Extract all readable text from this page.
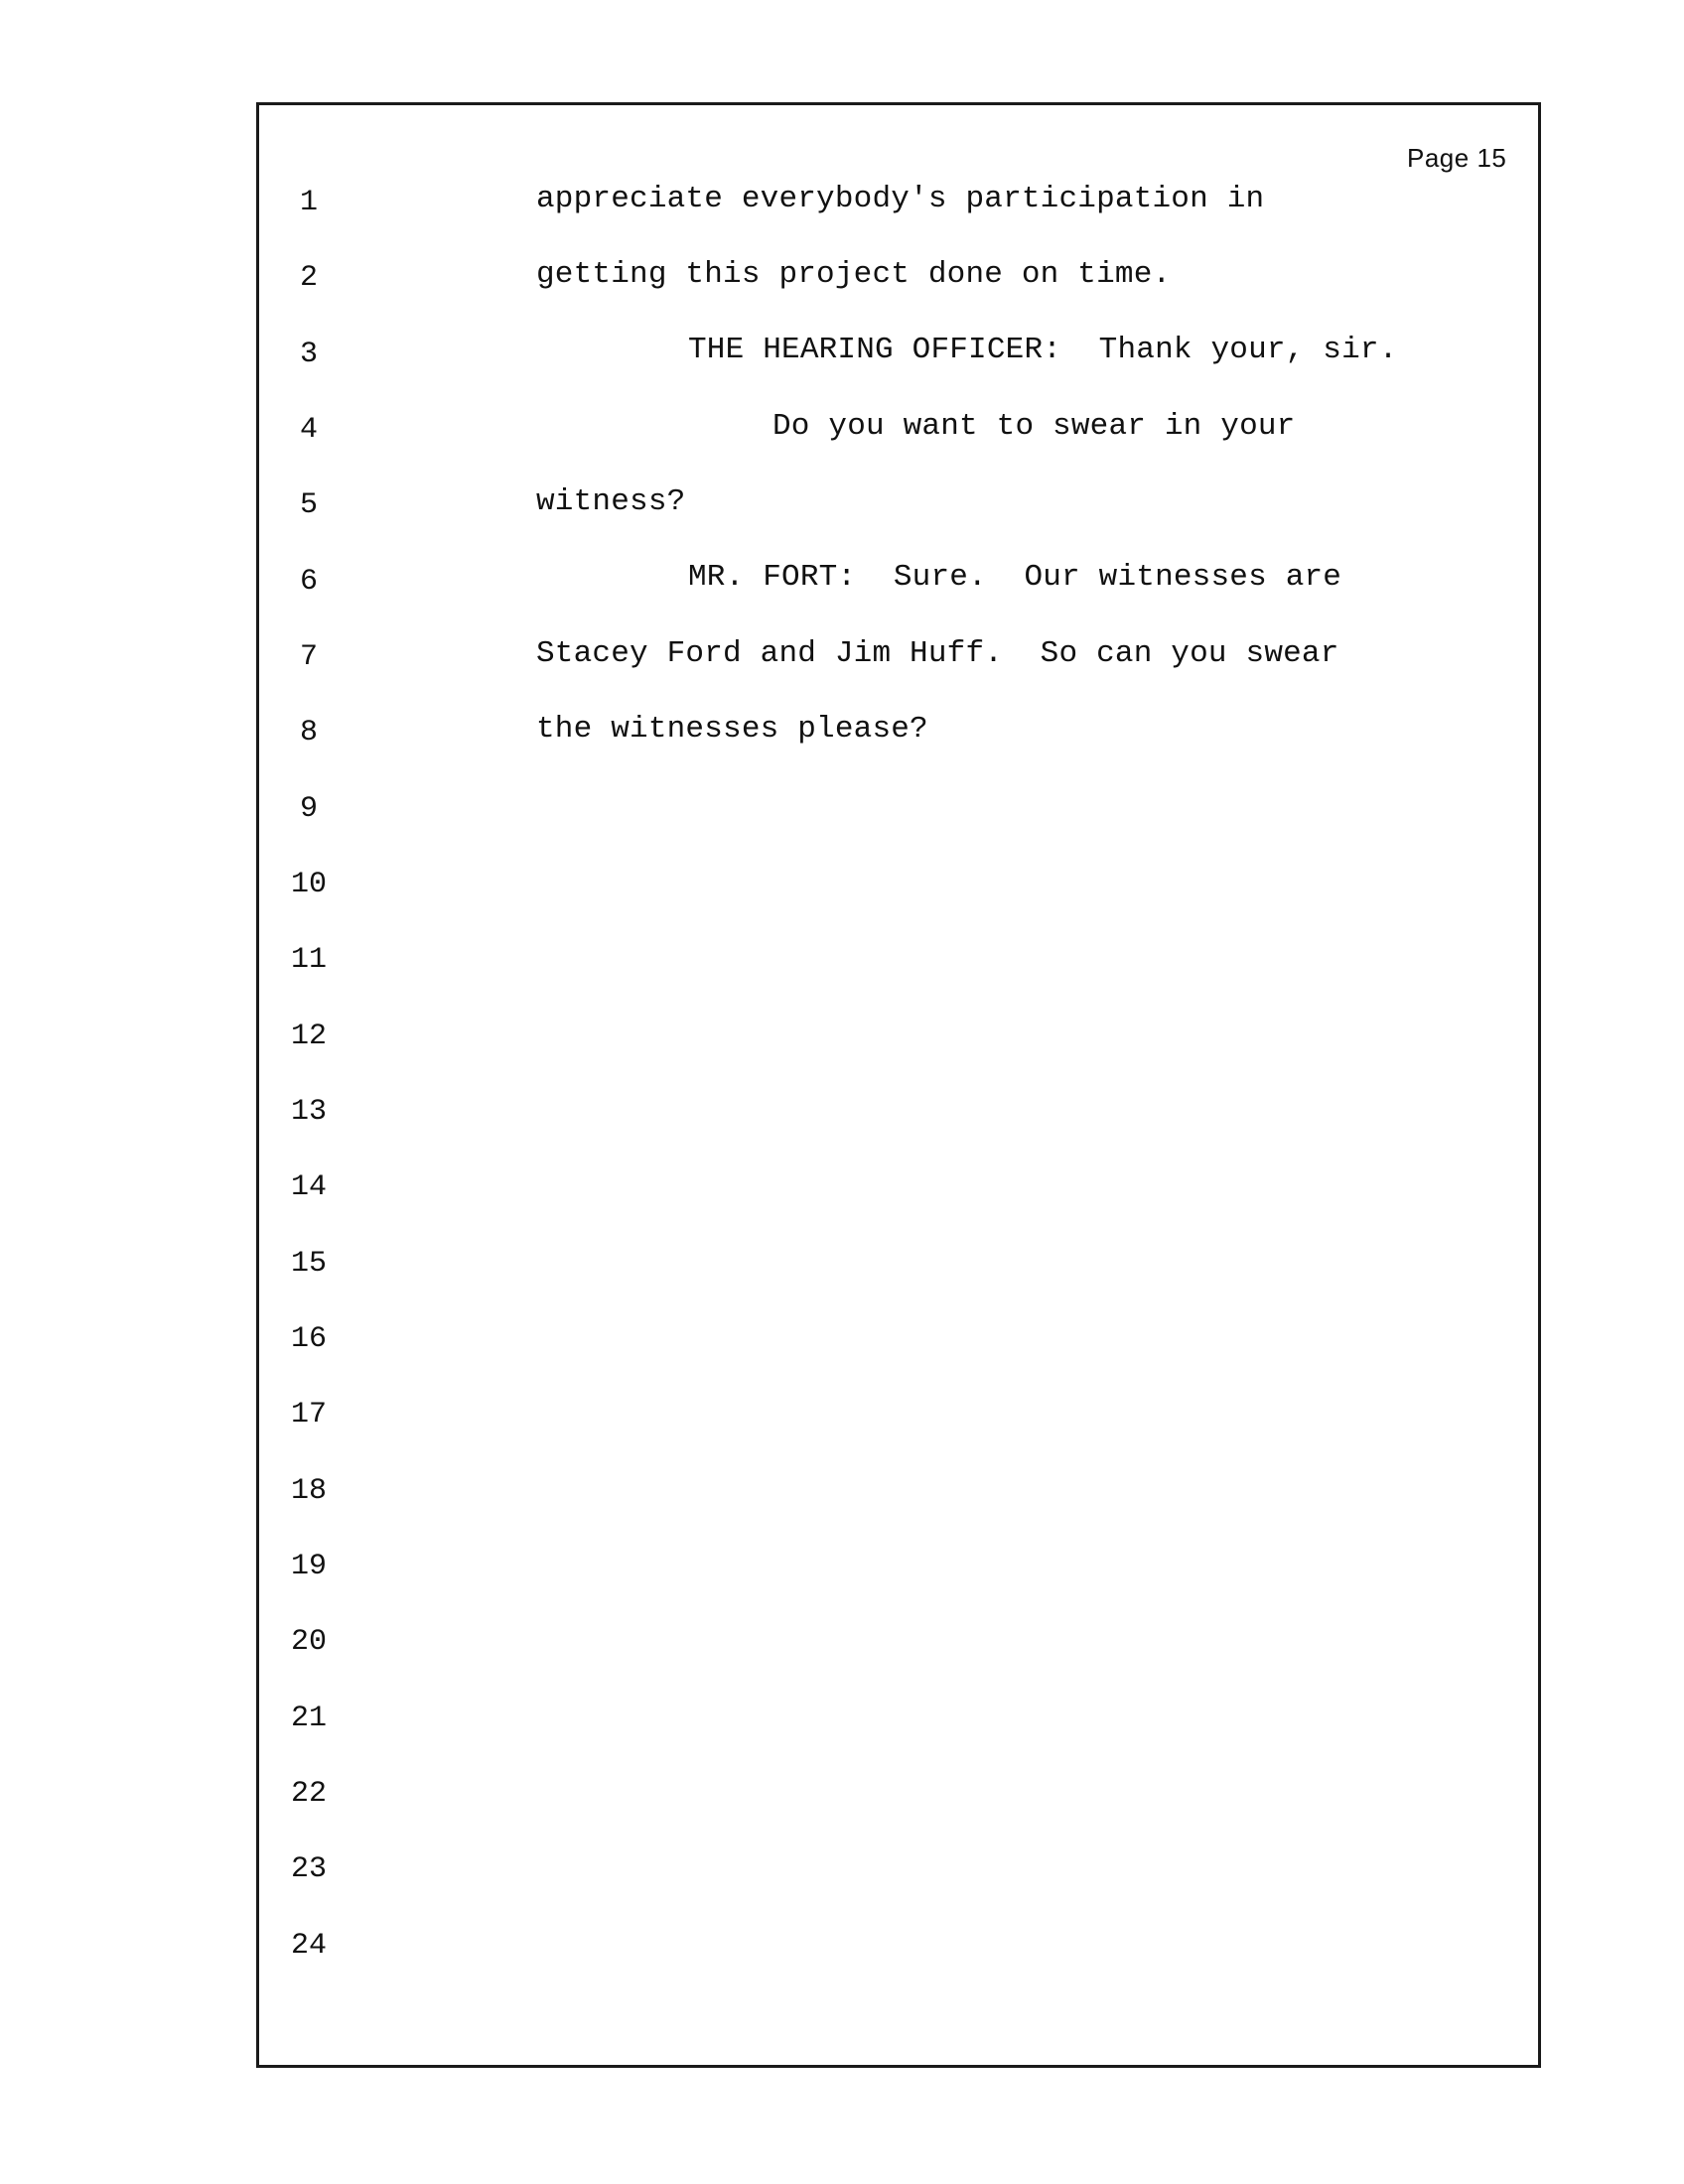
Page 15
1
2
3
4
5
6
7
8
9
10
11
12
13
14
15
16
17
18
19
20
21
22
23
24
appreciate everybody's participation in
getting this project done on time.
THE HEARING OFFICER:  Thank your, sir.
Do you want to swear in your
witness?
MR. FORT:  Sure.  Our witnesses are
Stacey Ford and Jim Huff.  So can you swear
the witnesses please?
